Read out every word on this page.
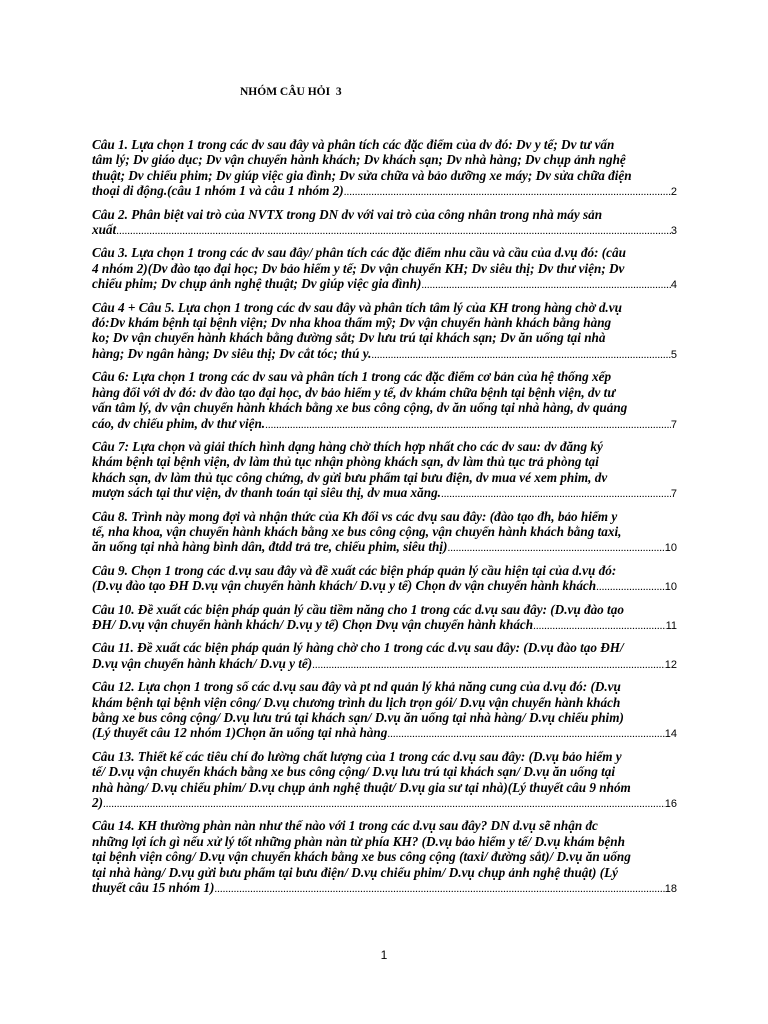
NHÓM CÂU HỎI  3
Câu 1. Lựa chọn 1 trong các dv sau đây và phân tích các đặc điểm của dv đó: Dv y tế; Dv tư vấn
tâm lý; Dv giáo dục; Dv vận chuyển hành khách; Dv khách sạn; Dv nhà hàng; Dv chụp ảnh nghệ
thuật; Dv chiếu phim; Dv giúp việc gia đình; Dv sửa chữa và bảo dưỡng xe máy; Dv sửa chữa điện
thoại di động.(câu 1 nhóm 1 và câu 1 nhóm 2) .....	2
Câu 2. Phân biệt vai trò của NVTX trong DN dv với vai trò của công nhân trong nhà máy sản
xuất .....	3
Câu 3. Lựa chọn 1 trong các dv sau đây/ phân tích các đặc điểm nhu cầu và cầu của d.vụ đó: (câu
4 nhóm 2)(Dv đào tạo đại học; Dv bảo hiểm y tế; Dv vận chuyển KH; Dv siêu thị; Dv thư viện; Dv
chiếu phim; Dv chụp ảnh nghệ thuật; Dv giúp việc gia đình) .....	4
Câu 4 + Câu 5. Lựa chọn 1 trong các dv sau đây và phân tích tâm lý của KH trong hàng chờ d.vụ
đó:Dv khám bệnh tại bệnh viện; Dv nha khoa thẩm mỹ; Dv vận chuyển hành khách bằng hàng
ko; Dv vận chuyển hành khách bằng đường sắt; Dv lưu trú tại khách sạn; Dv ăn uống tại nhà
hàng; Dv ngân hàng; Dv siêu thị; Dv cắt tóc; thú y. .....	5
Câu 6: Lựa chọn 1 trong các dv sau và phân tích 1 trong các đặc điểm cơ bản của hệ thống xếp
hàng đối với dv đó: dv đào tạo đại học, dv bảo hiểm y tế, dv khám chữa bệnh tại bệnh viện, dv tư
vấn tâm lý, dv vận chuyển hành khách bằng xe bus công cộng, dv ăn uống tại nhà hàng, dv quảng
cáo, dv chiếu phim, dv thư viện. .....	7
Câu 7: Lựa chọn và giải thích hình dạng hàng chờ thích hợp nhất cho các dv sau: dv đăng ký
khám bệnh tại bệnh viện, dv làm thủ tục nhận phòng khách sạn, dv làm thủ tục trả phòng tại
khách sạn, dv làm thủ tục công chứng, dv gửi bưu phẩm tại bưu điện, dv mua vé xem phim, dv
mượn sách tại thư viện, dv thanh toán tại siêu thị, dv mua xăng. .....	7
Câu 8. Trình này mong đợi và nhận thức của Kh đối vs các dvụ sau đây: (đào tạo đh, bảo hiểm y
tế, nha khoa, vận chuyển hành khách bằng xe bus công cộng, vận chuyển hành khách bằng taxi,
ăn uống tại nhà hàng bình dân, đtdd trả tre, chiếu phim, siêu thị) .....	10
Câu 9. Chọn 1 trong các d.vụ sau đây và đề xuất các biện pháp quản lý cầu hiện tại của d.vụ đó:
(D.vụ đào tạo ĐH D.vụ vận chuyển hành khách/ D.vụ y tế) Chọn dv vận chuyển hành khách .....	10
Câu 10. Đề xuất các biện pháp quản lý cầu tiềm năng cho 1 trong các d.vụ sau đây: (D.vụ đào tạo
ĐH/ D.vụ vận chuyển hành khách/ D.vụ y tế) Chọn Dvụ vận chuyển hành khách .....	11
Câu 11. Đề xuất các biện pháp quản lý hàng chờ cho 1 trong các d.vụ sau đây: (D.vụ đào tạo ĐH/
D.vụ vận chuyển hành khách/ D.vụ y tế) .....	12
Câu 12. Lựa chọn 1 trong số các d.vụ sau đây và pt nd quản lý khả năng cung của d.vụ đó: (D.vụ
khám bệnh tại bệnh viện công/ D.vụ chương trình du lịch trọn gói/ D.vụ vận chuyển hành khách
bằng xe bus công cộng/ D.vụ lưu trú tại khách sạn/ D.vụ ăn uống tại nhà hàng/ D.vụ chiếu phim)
(Lý thuyết câu 12 nhóm 1)Chọn ăn uống tại nhà hàng .....	14
Câu 13. Thiết kế các tiêu chí đo lường chất lượng của 1 trong các d.vụ sau đây: (D.vụ bảo hiểm y
tế/ D.vụ vận chuyển khách bằng xe bus công cộng/ D.vụ lưu trú tại khách sạn/ D.vụ ăn uống tại
nhà hàng/ D.vụ chiếu phim/ D.vụ chụp ảnh nghệ thuật/ D.vụ gia sư tại nhà)(Lý thuyết câu 9 nhóm
2) .....	16
Câu 14. KH thường phàn nàn như thế nào với 1 trong các d.vụ sau đây? DN d.vụ sẽ nhận đc
những lợi ích gì nếu xử lý tốt những phàn nàn từ phía KH? (D.vụ bảo hiểm y tế/ D.vụ khám bệnh
tại bệnh viện công/ D.vụ vận chuyển khách bằng xe bus công cộng (taxi/ đường sắt)/ D.vụ ăn uống
tại nhà hàng/ D.vụ gửi bưu phẩm tại bưu điện/ D.vụ chiếu phim/ D.vụ chụp ảnh nghệ thuật) (Lý
thuyết câu 15 nhóm 1) .....	18
1
